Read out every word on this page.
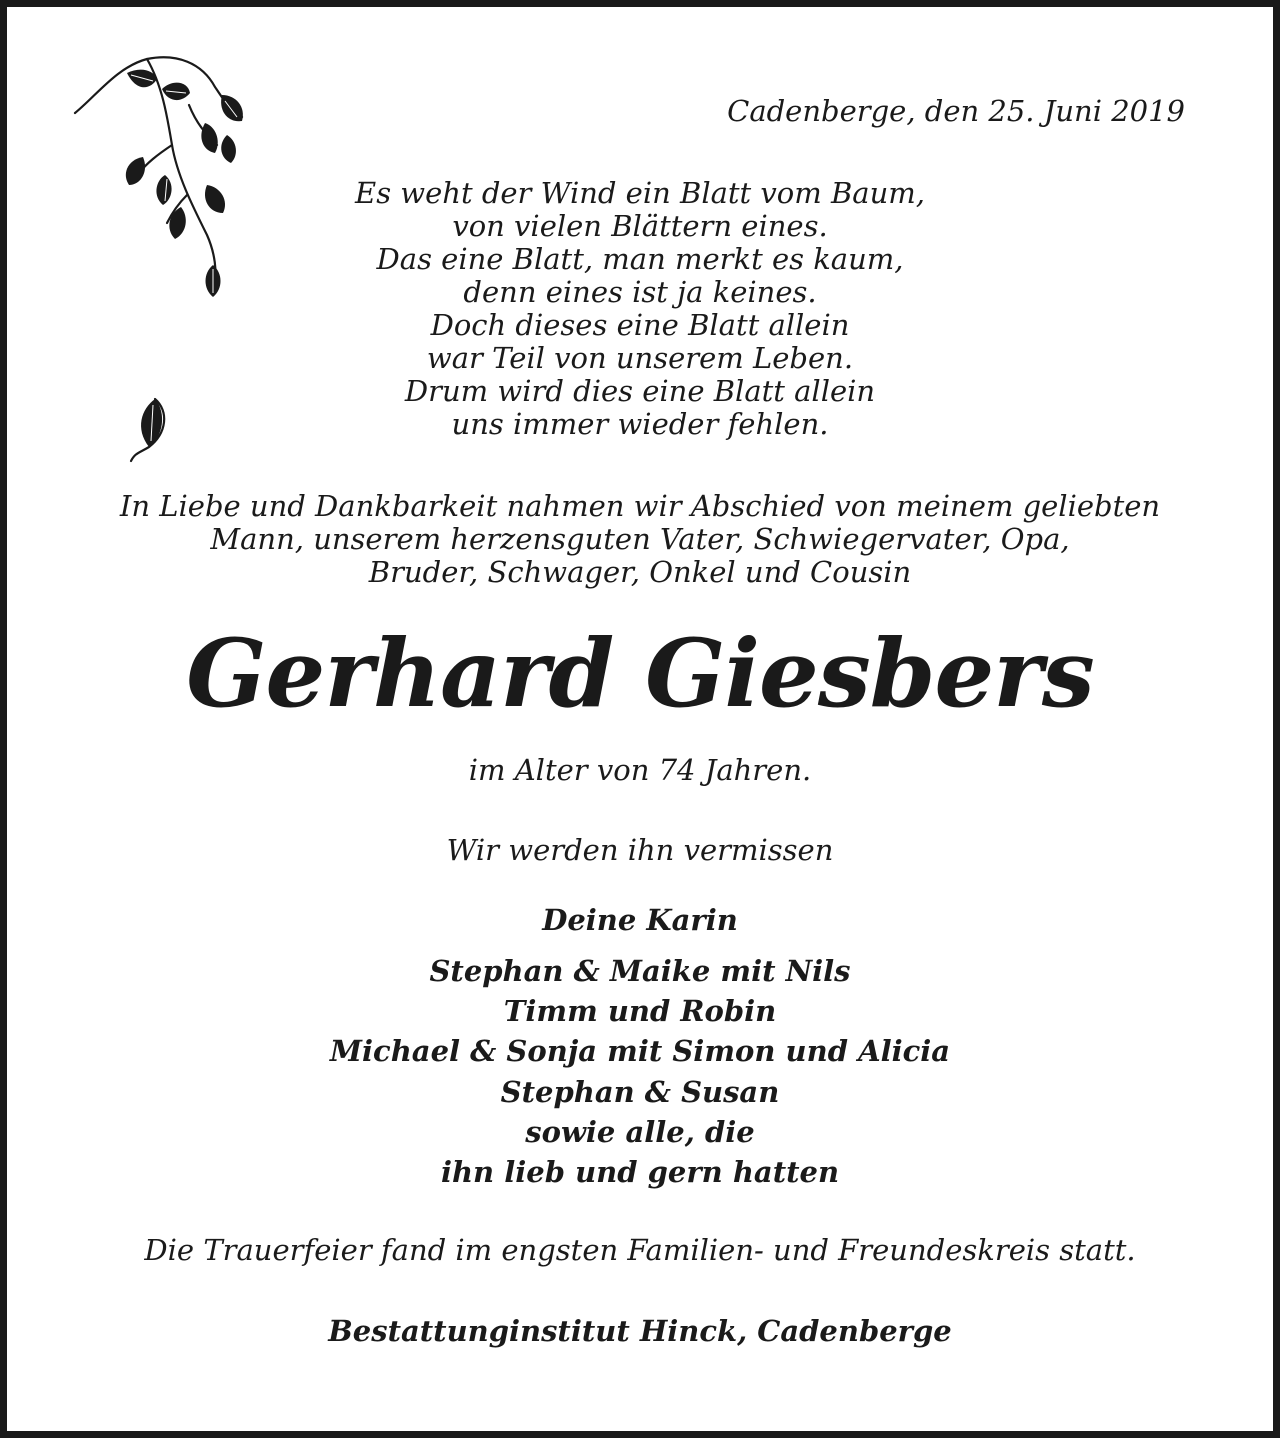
Cadenberge, den 25. Juni 2019
Es weht der Wind ein Blatt vom Baum,
von vielen Blättern eines.
Das eine Blatt, man merkt es kaum,
denn eines ist ja keines.
Doch dieses eine Blatt allein
war Teil von unserem Leben.
Drum wird dies eine Blatt allein
uns immer wieder fehlen.
In Liebe und Dankbarkeit nahmen wir Abschied von meinem geliebten
Mann, unserem herzensguten Vater, Schwiegervater, Opa,
Bruder, Schwager, Onkel und Cousin
Gerhard Giesbers
im Alter von 74 Jahren.
Wir werden ihn vermissen
Deine Karin
Stephan & Maike mit Nils
Timm und Robin
Michael & Sonja mit Simon und Alicia
Stephan & Susan
sowie alle, die
ihn lieb und gern hatten
Die Trauerfeier fand im engsten Familien- und Freundeskreis statt.
Bestattunginstitut Hinck, Cadenberge
